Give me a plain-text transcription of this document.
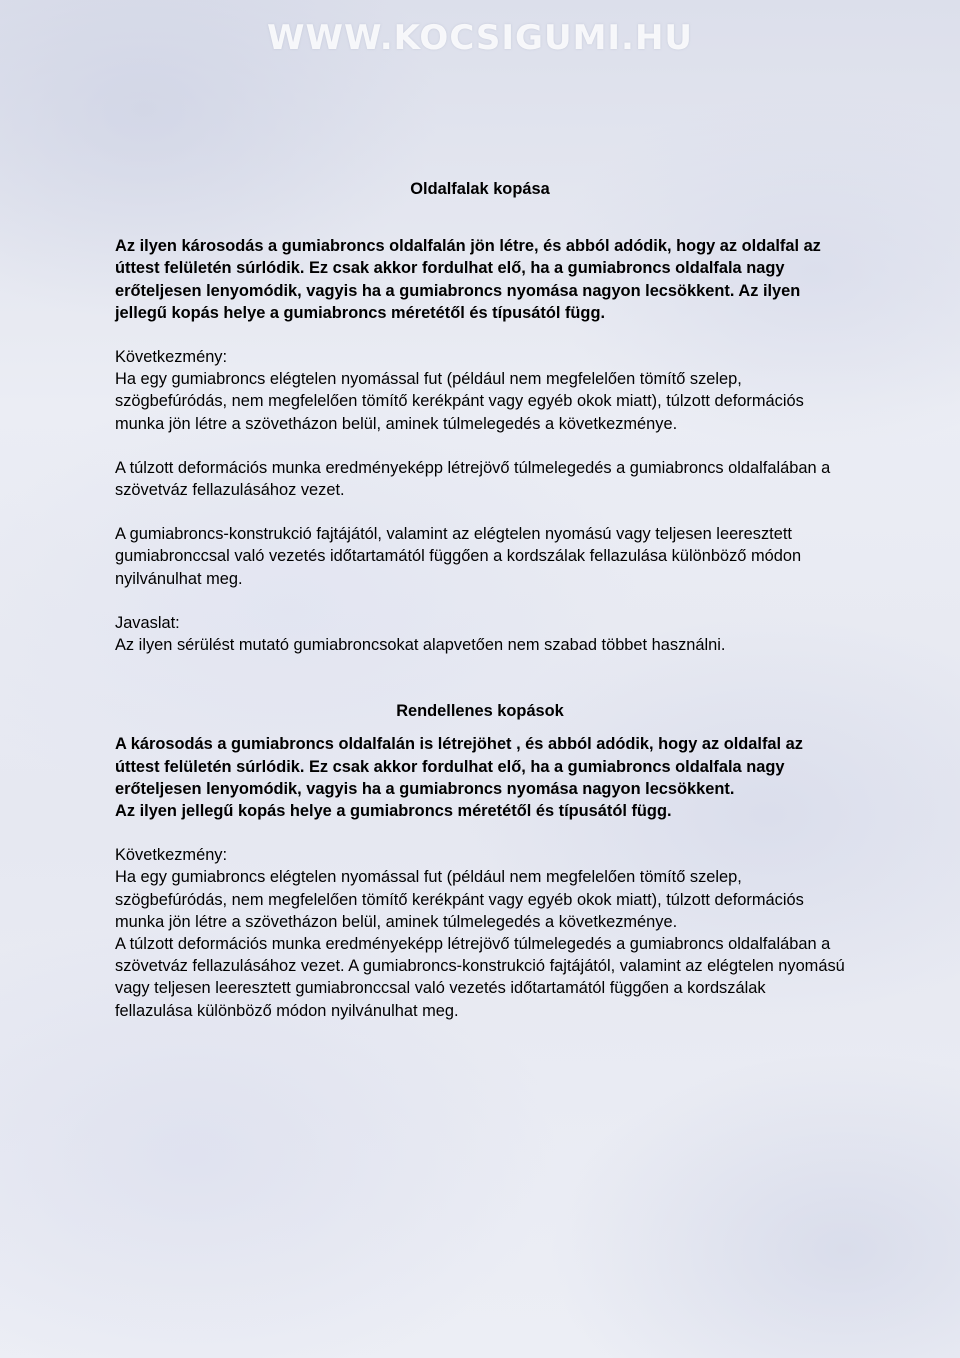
WWW.KOCSIGUMI.HU
Oldalfalak kopása

Az ilyen károsodás a gumiabroncs oldalfalán jön létre, és abból adódik, hogy az oldalfal az úttest felületén súrlódik. Ez csak akkor fordulhat elő, ha a gumiabroncs oldalfala nagy erőteljesen lenyomódik, vagyis ha a gumiabroncs nyomása nagyon lecsökkent. Az ilyen jellegű kopás helye a gumiabroncs méretétől és típusától függ.

Következmény:

Ha egy gumiabroncs elégtelen nyomással fut (például nem megfelelően tömítő szelep, szögbefúródás, nem megfelelően tömítő kerékpánt vagy egyéb okok miatt), túlzott deformációs munka jön létre a szövetházon belül, aminek túlmelegedés a következménye.

A túlzott deformációs munka eredményeképp létrejövő túlmelegedés a gumiabroncs oldalfalában a szövetváz fellazulásához vezet.

A gumiabroncs-konstrukció fajtájától, valamint az elégtelen nyomású vagy teljesen leeresztett gumiabronccsal való vezetés időtartamától függően a kordszálak fellazulása különböző módon nyilvánulhat meg.

Javaslat:

Az ilyen sérülést mutató gumiabroncsokat alapvetően nem szabad többet használni.

Rendellenes kopások

A károsodás a gumiabroncs oldalfalán is létrejöhet , és abból adódik, hogy az oldalfal az úttest felületén súrlódik. Ez csak akkor fordulhat elő, ha a gumiabroncs oldalfala nagy erőteljesen lenyomódik, vagyis ha a gumiabroncs nyomása nagyon lecsökkent.

Az ilyen jellegű kopás helye a gumiabroncs méretétől és típusától függ.

Következmény:

Ha egy gumiabroncs elégtelen nyomással fut (például nem megfelelően tömítő szelep, szögbefúródás, nem megfelelően tömítő kerékpánt vagy egyéb okok miatt), túlzott deformációs munka jön létre a szövetházon belül, aminek túlmelegedés a következménye.

A túlzott deformációs munka eredményeképp létrejövő túlmelegedés a gumiabroncs oldalfalában a szövetváz fellazulásához vezet. A gumiabroncs-konstrukció fajtájától, valamint az elégtelen nyomású vagy teljesen leeresztett gumiabronccsal való vezetés időtartamától függően a kordszálak fellazulása különböző módon nyilvánulhat meg.
